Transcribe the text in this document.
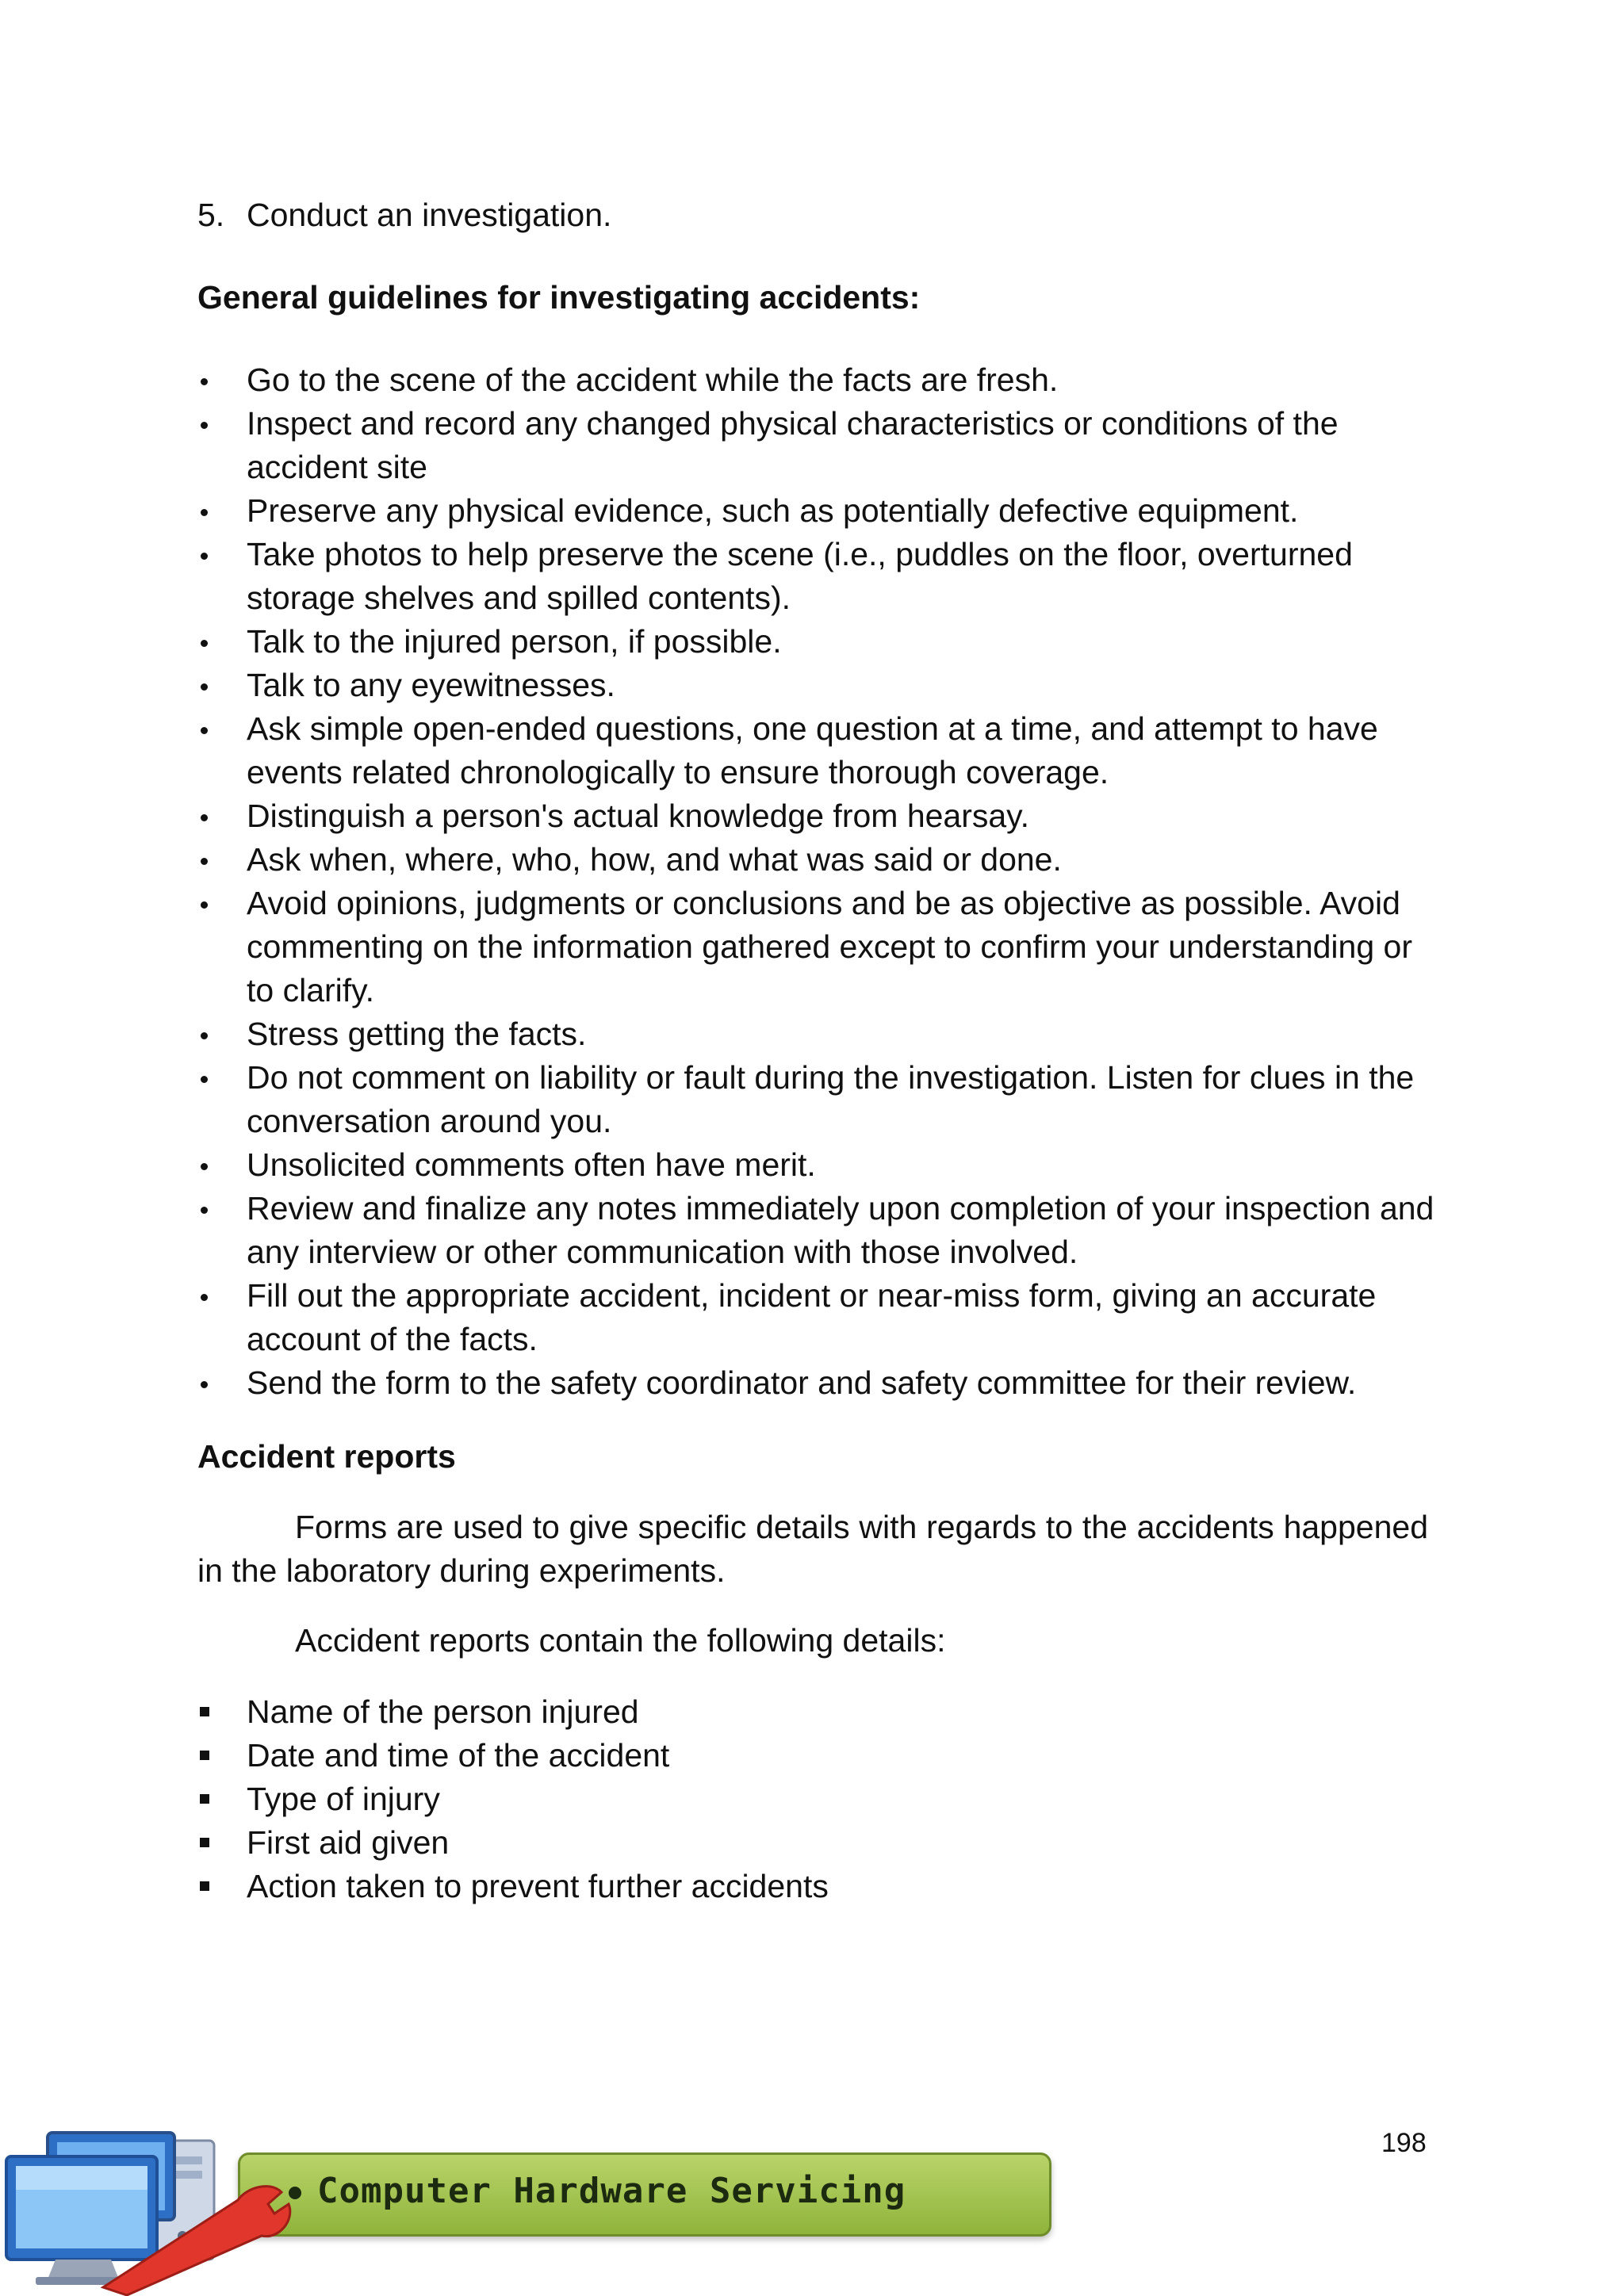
5. Conduct an investigation.
General guidelines for investigating accidents:
Go to the scene of the accident while the facts are fresh.
Inspect and record any changed physical characteristics or conditions of the accident site
Preserve any physical evidence, such as potentially defective equipment.
Take photos to help preserve the scene (i.e., puddles on the floor, overturned storage shelves and spilled contents).
Talk to the injured person, if possible.
Talk to any eyewitnesses.
Ask simple open-ended questions, one question at a time, and attempt to have events related chronologically to ensure thorough coverage.
Distinguish a person's actual knowledge from hearsay.
Ask when, where, who, how, and what was said or done.
Avoid opinions, judgments or conclusions and be as objective as possible. Avoid commenting on the information gathered except to confirm your understanding or to clarify.
Stress getting the facts.
Do not comment on liability or fault during the investigation. Listen for clues in the conversation around you.
Unsolicited comments often have merit.
Review and finalize any notes immediately upon completion of your inspection and any interview or other communication with those involved.
Fill out the appropriate accident, incident or near-miss form, giving an accurate account of the facts.
Send the form to the safety coordinator and safety committee for their review.
Accident reports
Forms are used to give specific details with regards to the accidents happened in the laboratory during experiments.
Accident reports contain the following details:
Name of the person injured
Date and time of the accident
Type of injury
First aid given
Action taken to prevent further accidents
198
Computer Hardware Servicing
